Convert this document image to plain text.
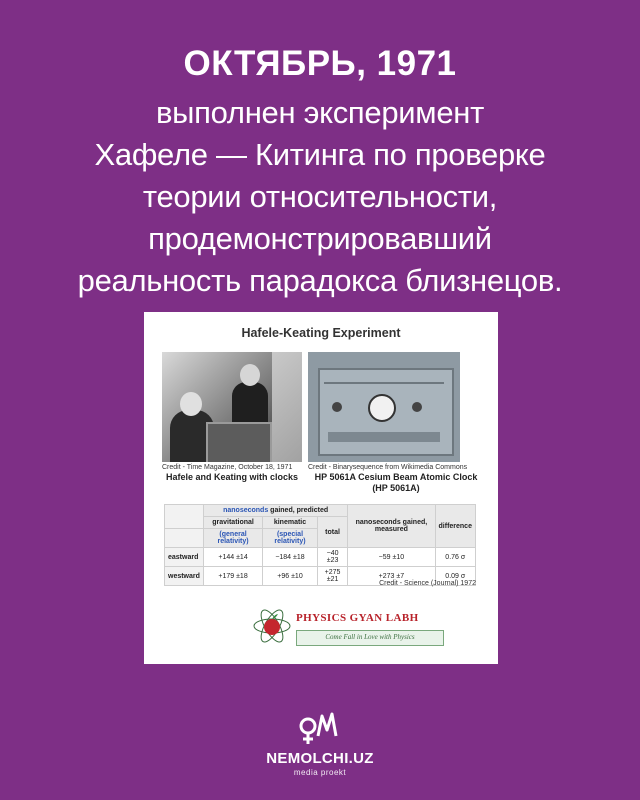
ОКТЯБРЬ, 1971
выполнен эксперимент
Хафеле — Китинга по проверке
теории относительности,
продемонстрировавший
реальность парадокса близнецов.
Hafele-Keating Experiment
Credit - Time Magazine, October 18, 1971
Hafele and Keating with clocks
Credit - Binarysequence from Wikimedia Commons
HP 5061A Cesium Beam Atomic Clock
(HP 5061A)
	nanoseconds gained, predicted			nanoseconds gained, measured	difference
	gravitational	kinematic	total		
	(general relativity)	(special relativity)			
eastward	+144 ±14	−184 ±18	−40 ±23	−59 ±10	0.76 σ
westward	+179 ±18	+96 ±10	+275 ±21	+273 ±7	0.09 σ
Credit - Science (Journal) 1972
PHYSICS GYAN LABH
Come Fall in Love with Physics
NEMOLCHI.UZ
media proekt
